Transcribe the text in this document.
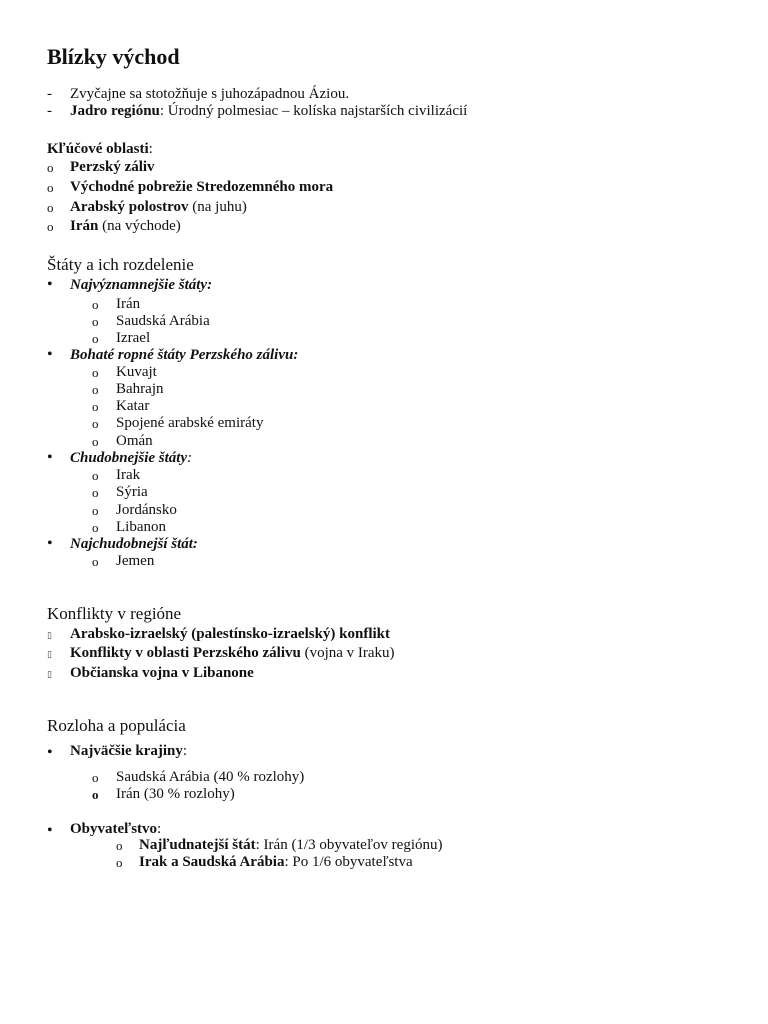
Blízky východ
-	Zvyčajne sa stotožňuje s juhozápadnou Áziou.
-	Jadro regiónu: Úrodný polmesiac – kolíska najstarších civilizácií
Kľúčové oblasti:
o	Perzský záliv
o	Východné pobrežie Stredozemného mora
o	Arabský polostrov (na juhu)
o	Irán (na východe)
Štáty a ich rozdelenie
•	Najvýznamnejšie štáty:
o	Irán
o	Saudská Arábia
o	Izrael
•	Bohaté ropné štáty Perzského zálivu:
o	Kuvajt
o	Bahrajn
o	Katar
o	Spojené arabské emiráty
o	Omán
•	Chudobnejšie štáty:
o	Irak
o	Sýria
o	Jordánsko
o	Libanon
•	Najchudobnejší štát:
o	Jemen
Konflikty v regióne
▯	Arabsko-izraelský (palestínsko-izraelský) konflikt
▯	Konflikty v oblasti Perzského zálivu (vojna v Iraku)
▯	Občianska vojna v Libanone
Rozloha a populácia
•	Najväčšie krajiny:
o	Saudská Arábia (40 % rozlohy)
o	Irán (30 % rozlohy)
•	Obyvateľstvo:
o	Najľudnatejší štát: Irán (1/3 obyvateľov regiónu)
o	Irak a Saudská Arábia: Po 1/6 obyvateľstva
